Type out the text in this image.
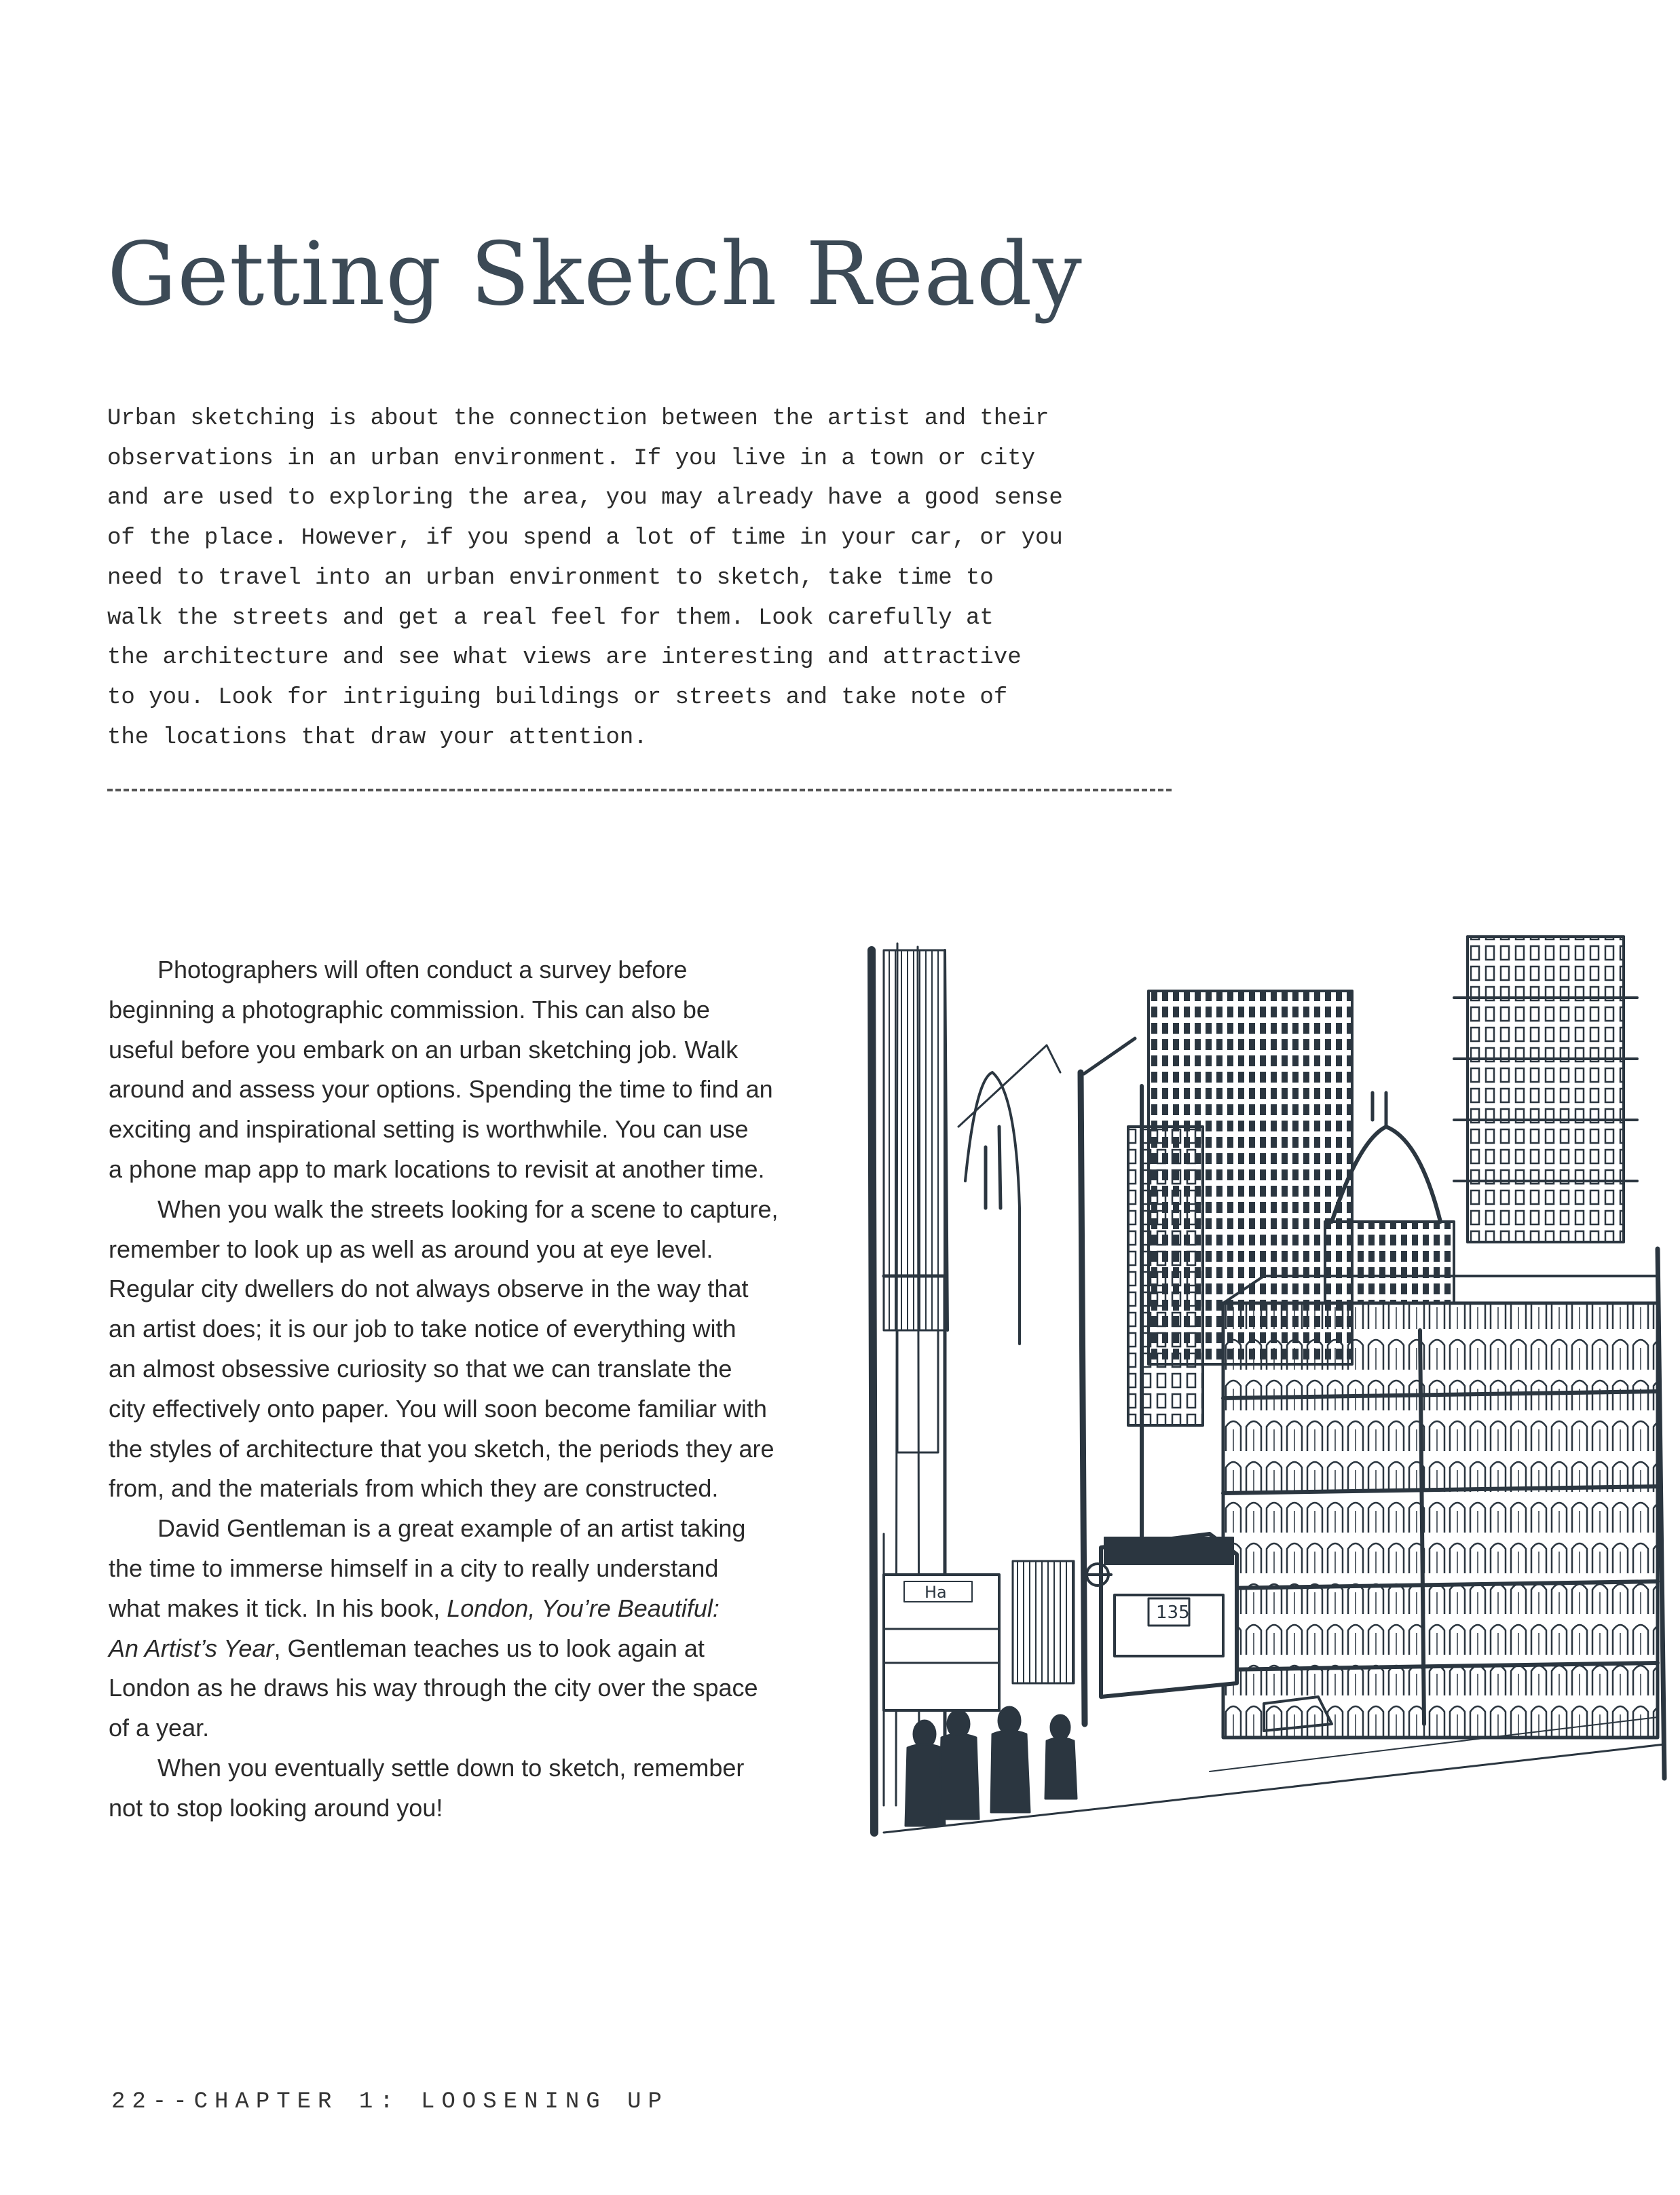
Getting Sketch Ready
Urban sketching is about the connection between the artist and their
observations in an urban environment. If you live in a town or city
and are used to exploring the area, you may already have a good sense
of the place. However, if you spend a lot of time in your car, or you
need to travel into an urban environment to sketch, take time to
walk the streets and get a real feel for them. Look carefully at
the architecture and see what views are interesting and attractive
to you. Look for intriguing buildings or streets and take note of
the locations that draw your attention.
Photographers will often conduct a survey before
beginning a photographic commission. This can also be
useful before you embark on an urban sketching job. Walk
around and assess your options. Spending the time to find an
exciting and inspirational setting is worthwhile. You can use
a phone map app to mark locations to revisit at another time.
When you walk the streets looking for a scene to capture,
remember to look up as well as around you at eye level.
Regular city dwellers do not always observe in the way that
an artist does; it is our job to take notice of everything with
an almost obsessive curiosity so that we can translate the
city effectively onto paper. You will soon become familiar with
the styles of architecture that you sketch, the periods they are
from, and the materials from which they are constructed.
David Gentleman is a great example of an artist taking
the time to immerse himself in a city to really understand
what makes it tick. In his book, London, You’re Beautiful:
An Artist’s Year, Gentleman teaches us to look again at
London as he draws his way through the city over the space
of a year.
When you eventually settle down to sketch, remember
not to stop looking around you!
Ha
135
22--CHAPTER 1: LOOSENING UP
